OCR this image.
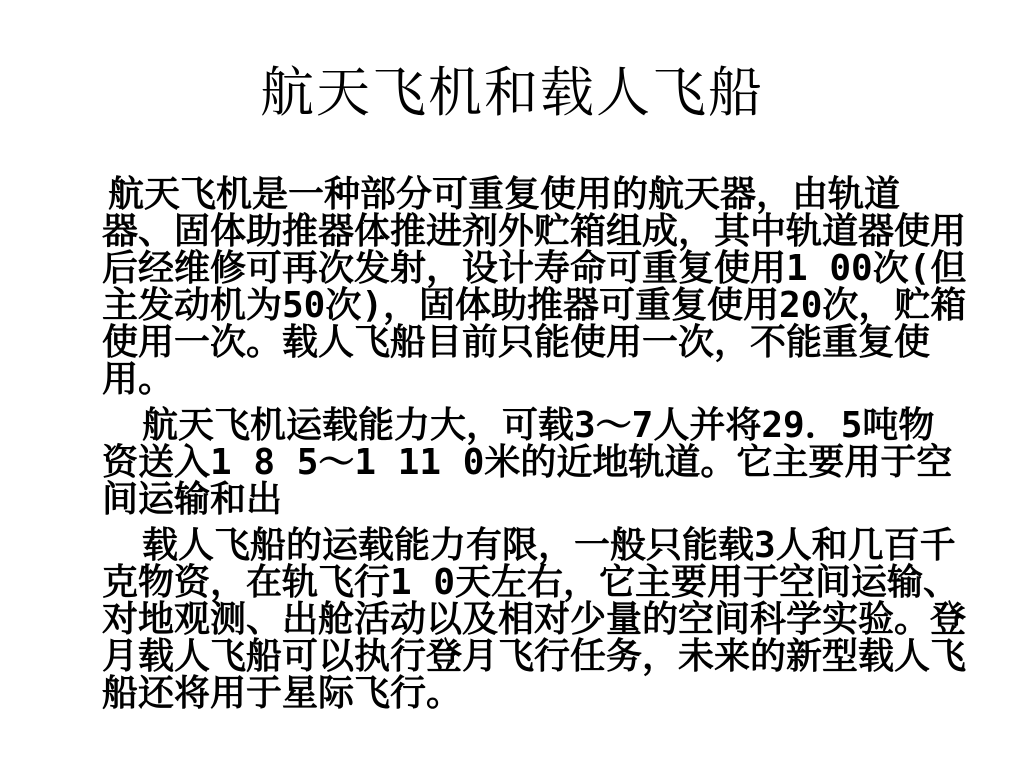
航天飞机和载人飞船

航天飞机是一种部分可重复使用的航天器，由轨道器、固体助推器体推进剂外贮箱组成，其中轨道器使用后经维修可再次发射，设计寿命可重复使用1 00次(但主发动机为50次)，固体助推器可重复使用20次，贮箱使用一次。载人飞船目前只能使用一次，不能重复使用。

航天飞机运载能力大，可载3～7人并将29．5吨物资送入1 8 5～1 11 0米的近地轨道。它主要用于空间运输和出

载人飞船的运载能力有限，一般只能载3人和几百千克物资，在轨飞行1 0天左右，它主要用于空间运输、对地观测、出舱活动以及相对少量的空间科学实验。登月载人飞船可以执行登月飞行任务，未来的新型载人飞船还将用于星际飞行。
